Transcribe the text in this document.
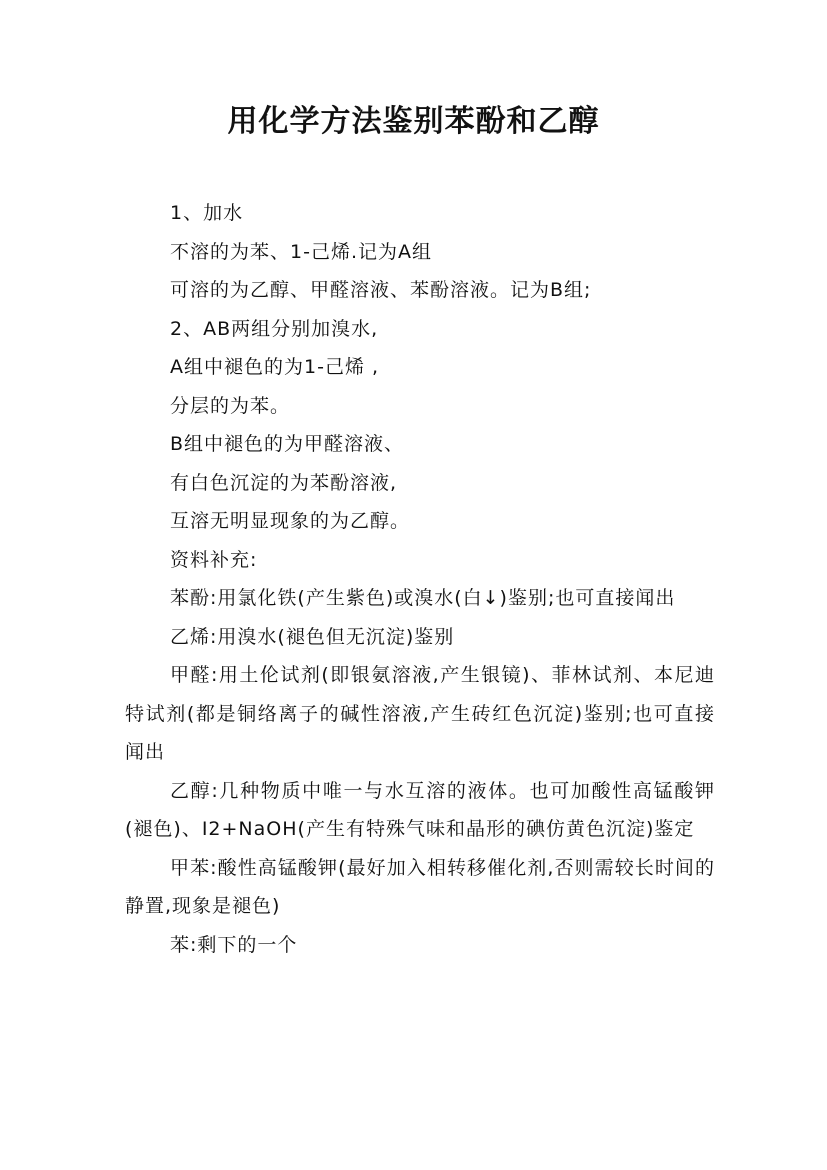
用化学方法鉴别苯酚和乙醇

1、加水

不溶的为苯、1-己烯.记为A组

可溶的为乙醇、甲醛溶液、苯酚溶液。记为B组;

2、AB两组分别加溴水,

A组中褪色的为1-己烯 ,

分层的为苯。

B组中褪色的为甲醛溶液、

有白色沉淀的为苯酚溶液,

互溶无明显现象的为乙醇。

资料补充:

苯酚:用氯化铁(产生紫色)或溴水(白↓)鉴别;也可直接闻出

乙烯:用溴水(褪色但无沉淀)鉴别

甲醛:用土伦试剂(即银氨溶液,产生银镜)、菲林试剂、本尼迪特试剂(都是铜络离子的碱性溶液,产生砖红色沉淀)鉴别;也可直接闻出

乙醇:几种物质中唯一与水互溶的液体。也可加酸性高锰酸钾(褪色)、I2+NaOH(产生有特殊气味和晶形的碘仿黄色沉淀)鉴定

甲苯:酸性高锰酸钾(最好加入相转移催化剂,否则需较长时间的静置,现象是褪色)

苯:剩下的一个
